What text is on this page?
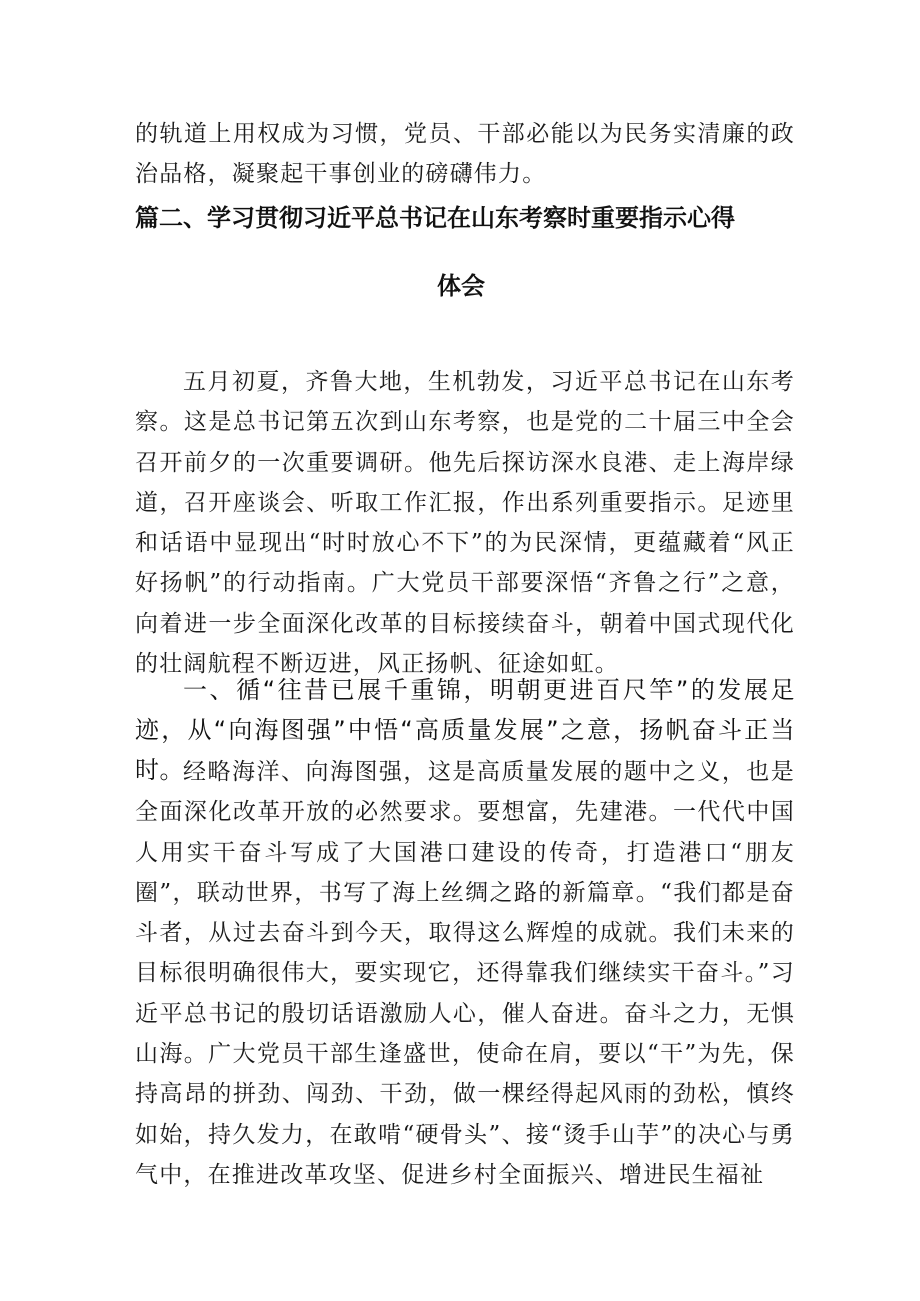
的轨道上用权成为习惯，党员、干部必能以为民务实清廉的政治品格，凝聚起干事创业的磅礴伟力。

篇二、学习贯彻习近平总书记在山东考察时重要指示心得
体会

五月初夏，齐鲁大地，生机勃发，习近平总书记在山东考察。这是总书记第五次到山东考察，也是党的二十届三中全会召开前夕的一次重要调研。他先后探访深水良港、走上海岸绿道，召开座谈会、听取工作汇报，作出系列重要指示。足迹里和话语中显现出“时时放心不下”的为民深情，更蕴藏着“风正好扬帆”的行动指南。广大党员干部要深悟“齐鲁之行”之意，向着进一步全面深化改革的目标接续奋斗，朝着中国式现代化的壮阔航程不断迈进，风正扬帆、征途如虹。

一、循“往昔已展千重锦，明朝更进百尺竿”的发展足迹，从“向海图强”中悟“高质量发展”之意，扬帆奋斗正当时。 经略海洋、向海图强，这是高质量发展的题中之义，也是全面深化改革开放的必然要求。要想富，先建港。一代代中国人用实干奋斗写成了大国港口建设的传奇，打造港口“朋友圈”，联动世界，书写了海上丝绸之路的新篇章。“我们都是奋斗者，从过去奋斗到今天，取得这么辉煌的成就。我们未来的目标很明确很伟大，要实现它，还得靠我们继续实干奋斗。”习近平总书记的殷切话语激励人心，催人奋进。奋斗之力，无惧山海。广大党员干部生逢盛世，使命在肩，要以“干”为先，保持高昂的拼劲、闯劲、干劲，做一棵经得起风雨的劲松，慎终如始，持久发力，在敢啃“硬骨头”、接“烫手山芋”的决心与勇气中，在推进改革攻坚、促进乡村全面振兴、增进民生福祉
